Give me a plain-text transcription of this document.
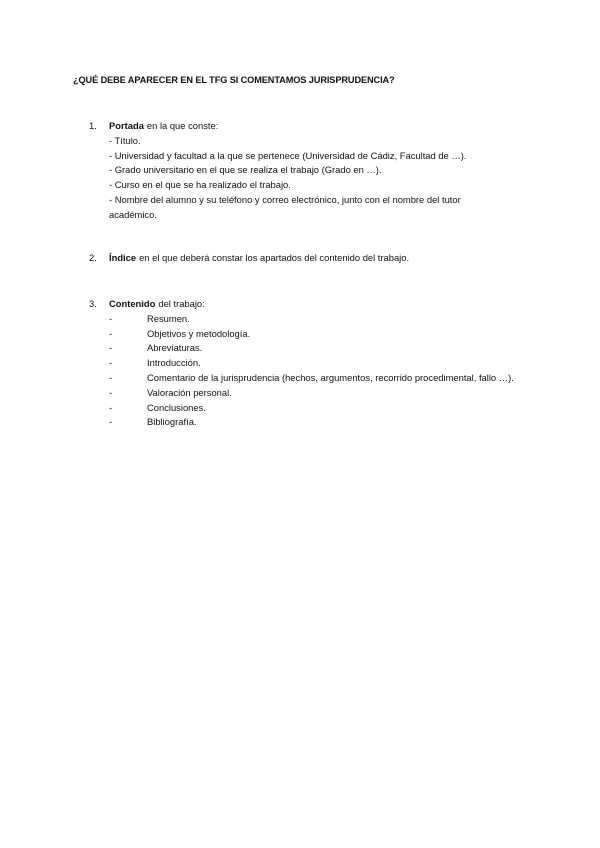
¿QUÉ DEBE APARECER EN EL TFG SI COMENTAMOS JURISPRUDENCIA?
1.	Portada en la que conste:
- Título.
- Universidad y facultad a la que se pertenece (Universidad de Cádiz, Facultad de …).
- Grado universitario en el que se realiza el trabajo (Grado en …).
- Curso en el que se ha realizado el trabajo.
- Nombre del alumno y su teléfono y correo electrónico, junto con el nombre del tutor académico.
2.	Índice en el que deberá constar los apartados del contenido del trabajo.
3.	Contenido del trabajo:
-	Resumen.
-	Objetivos y metodología.
-	Abreviaturas.
-	Introducción.
-	Comentario de la jurisprudencia (hechos, argumentos, recorrido procedimental, fallo …).
-	Valoración personal.
-	Conclusiones.
-	Bibliografía.
